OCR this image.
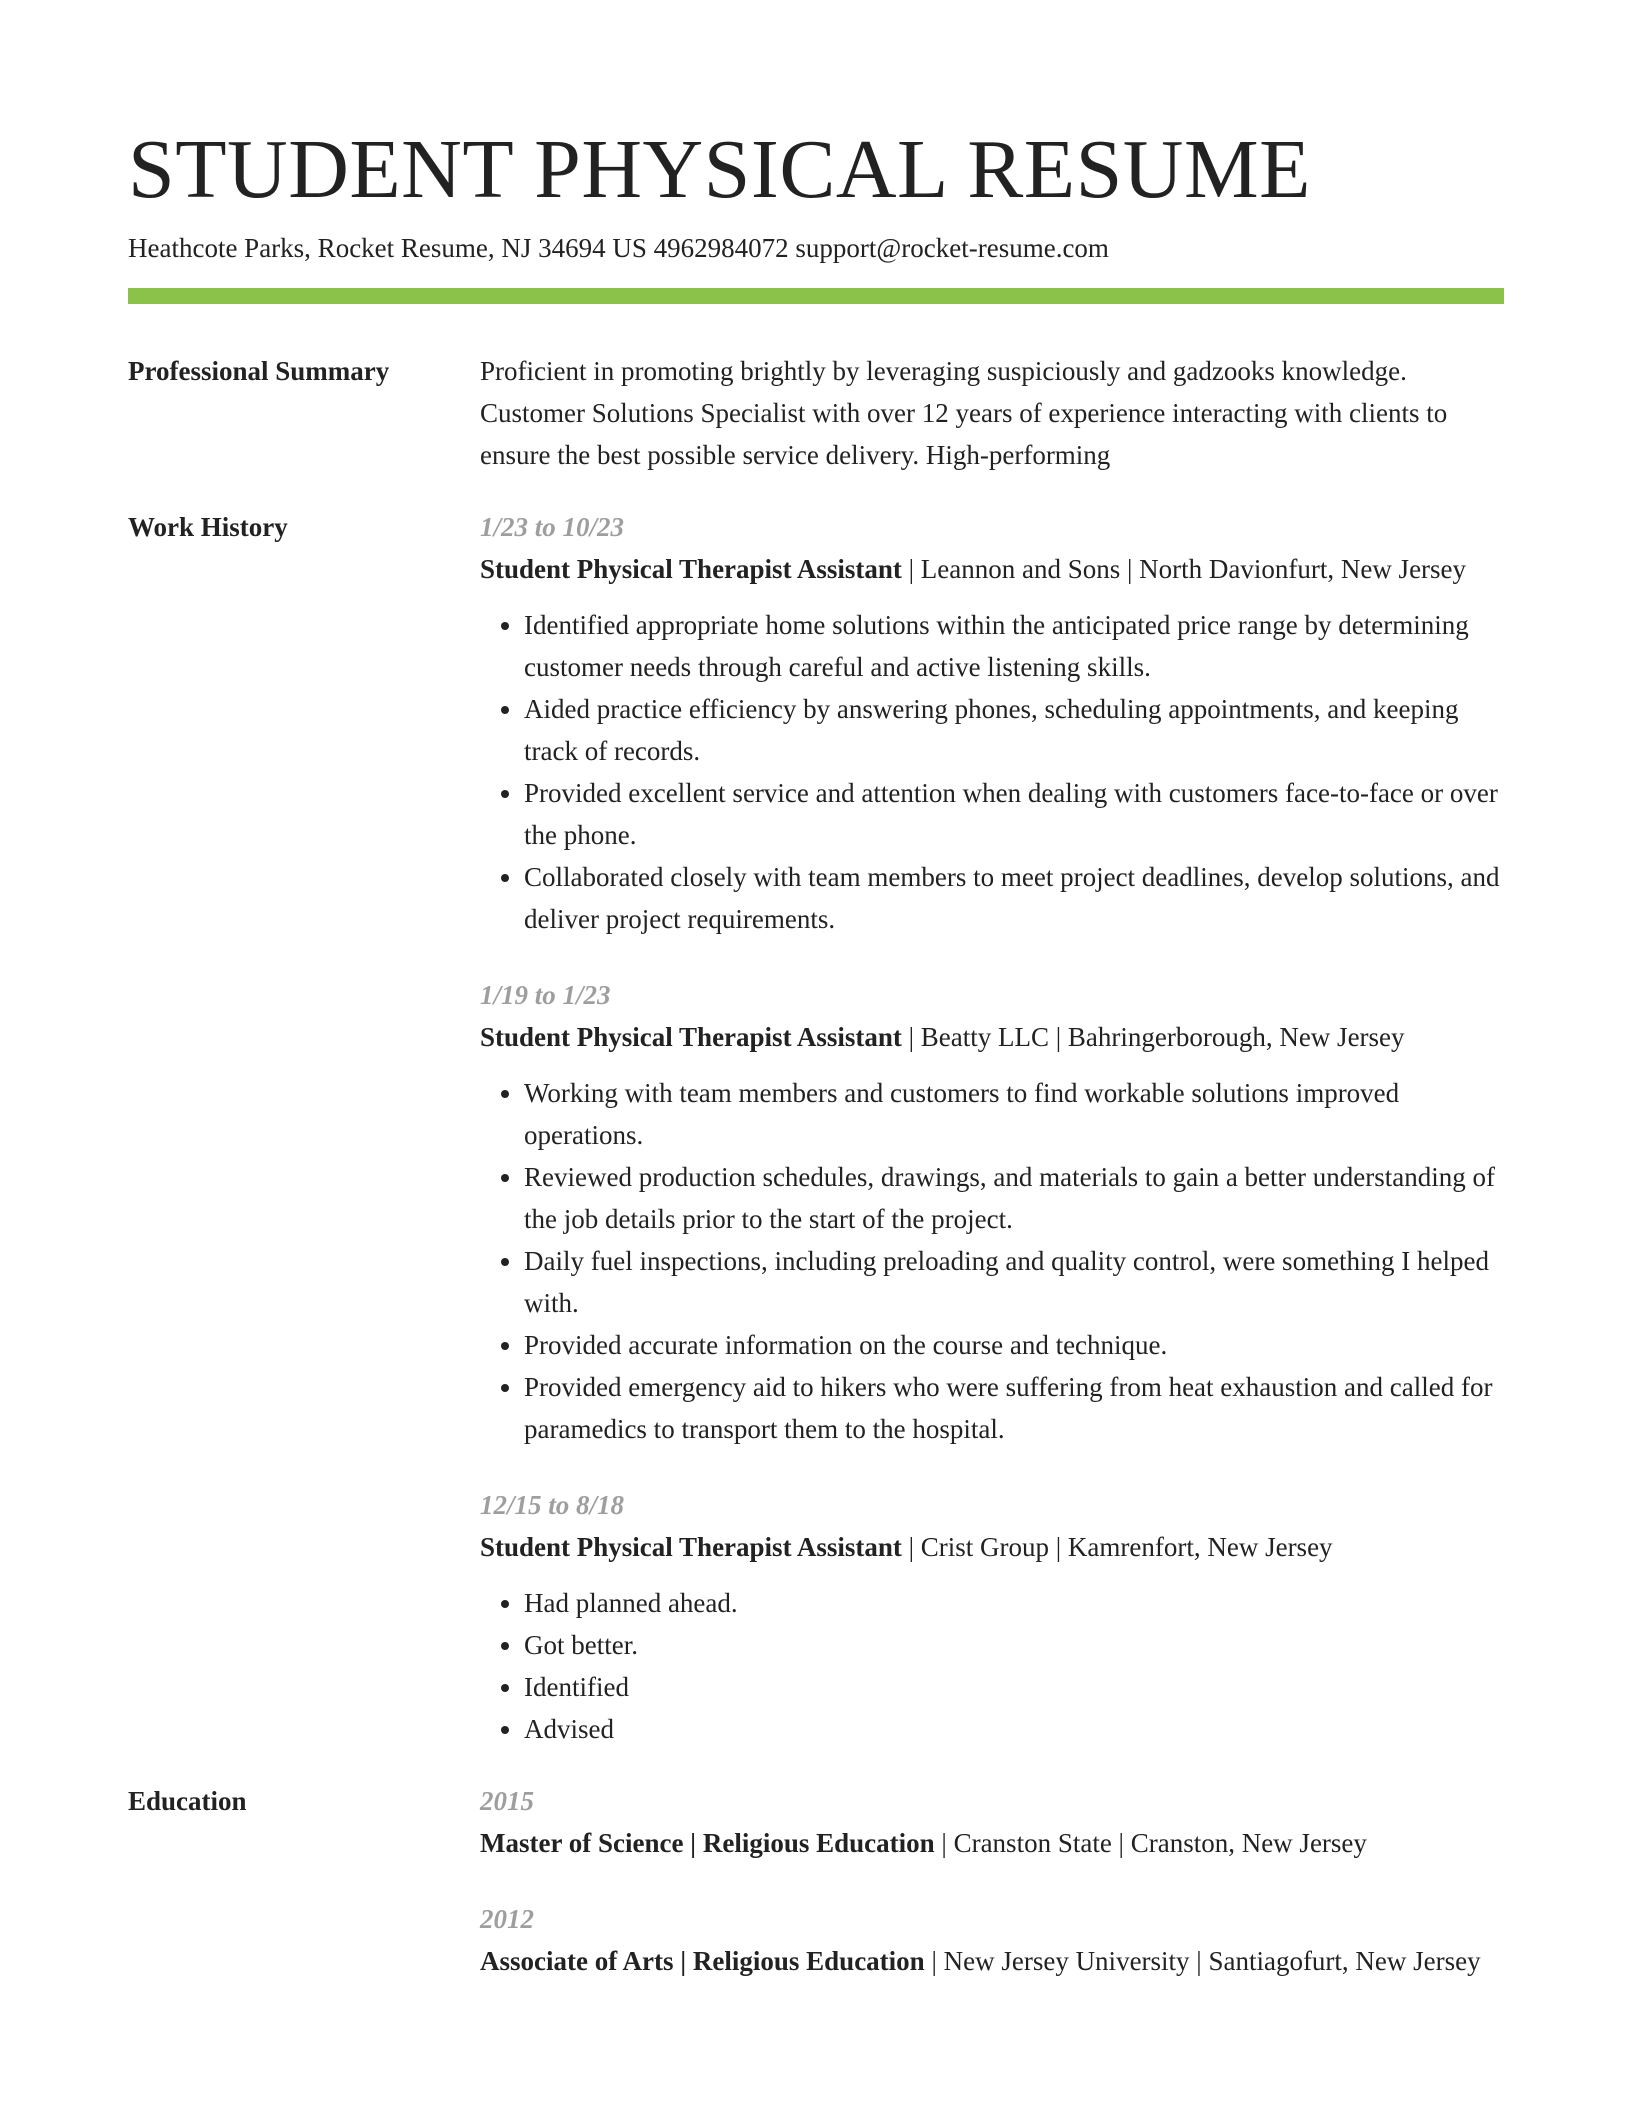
STUDENT PHYSICAL RESUME
Heathcote Parks, Rocket Resume, NJ 34694 US 4962984072 support@rocket-resume.com
Professional Summary	Proficient in promoting brightly by leveraging suspiciously and gadzooks knowledge. Customer Solutions Specialist with over 12 years of experience interacting with clients to ensure the best possible service delivery. High-performing

Work History	1/23 to 10/23
Student Physical Therapist Assistant | Leannon and Sons | North Davionfurt, New Jersey
• Identified appropriate home solutions within the anticipated price range by determining customer needs through careful and active listening skills.
• Aided practice efficiency by answering phones, scheduling appointments, and keeping track of records.
• Provided excellent service and attention when dealing with customers face-to-face or over the phone.
• Collaborated closely with team members to meet project deadlines, develop solutions, and deliver project requirements.
1/19 to 1/23
Student Physical Therapist Assistant | Beatty LLC | Bahringerborough, New Jersey
• Working with team members and customers to find workable solutions improved operations.
• Reviewed production schedules, drawings, and materials to gain a better understanding of the job details prior to the start of the project.
• Daily fuel inspections, including preloading and quality control, were something I helped with.
• Provided accurate information on the course and technique.
• Provided emergency aid to hikers who were suffering from heat exhaustion and called for paramedics to transport them to the hospital.
12/15 to 8/18
Student Physical Therapist Assistant | Crist Group | Kamrenfort, New Jersey
• Had planned ahead.
• Got better.
• Identified
• Advised
Education	2015
Master of Science | Religious Education | Cranston State | Cranston, New Jersey
2012
Associate of Arts | Religious Education | New Jersey University | Santiagofurt, New Jersey
